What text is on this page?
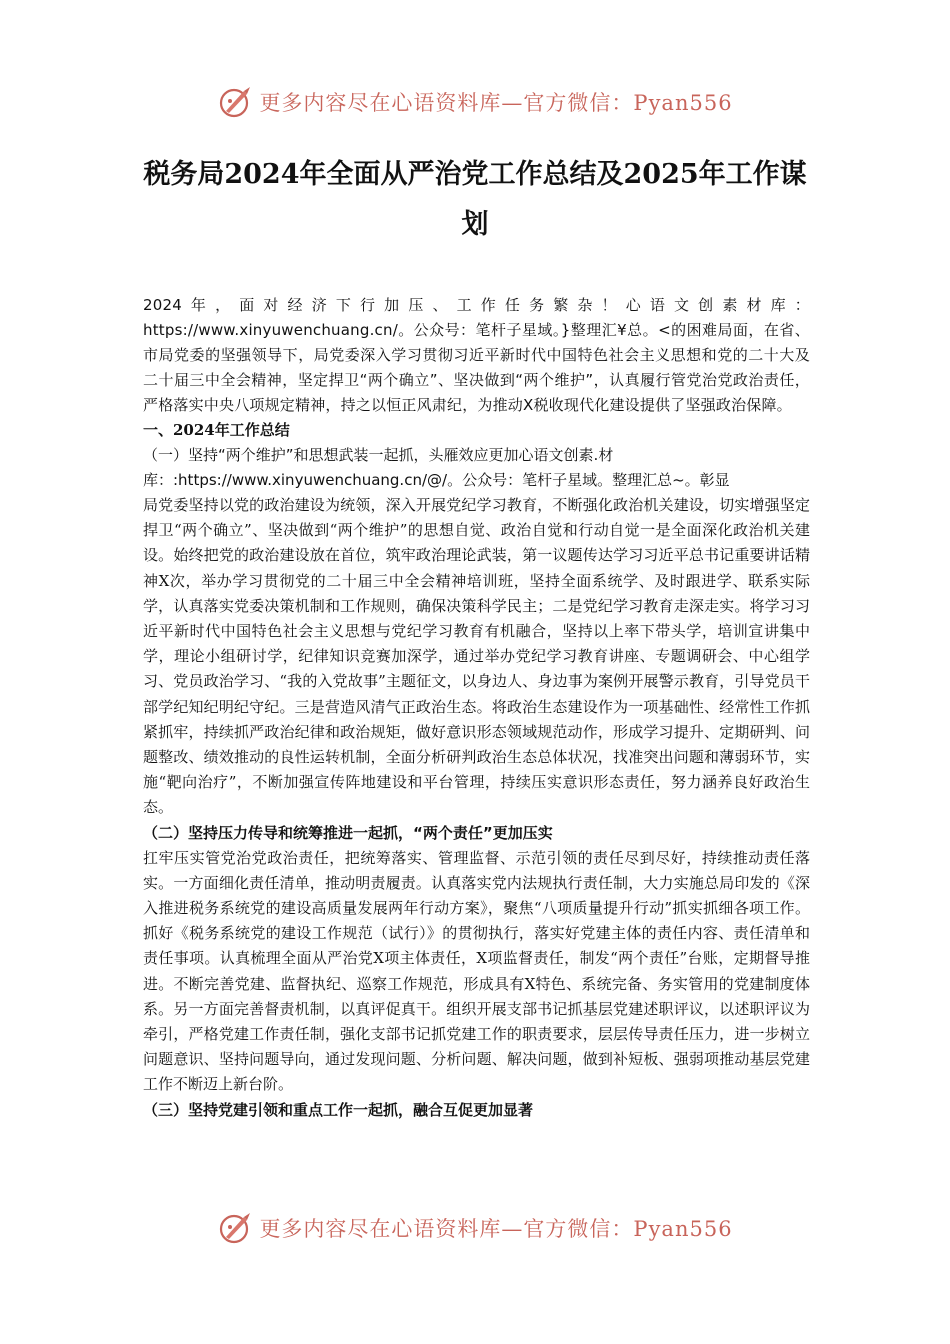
更多内容尽在心语资料库—官方微信：Pyan556
税务局2024年全面从严治党工作总结及2025年工作谋划

2024年，面对经济下行加压、工作任务繁杂！心语文创素材库：https://www.xinyuwenchuang.cn/。公众号：笔杆子星域。}整理汇¥总。<的困难局面，在省、市局党委的坚强领导下，局党委深入学习贯彻习近平新时代中国特色社会主义思想和党的二十大及二十届三中全会精神，坚定捍卫“两个确立”、坚决做到“两个维护”，认真履行管党治党政治责任，严格落实中央八项规定精神，持之以恒正风肃纪，为推动X税收现代化建设提供了坚强政治保障。

一、2024年工作总结

（一）坚持“两个维护”和思想武装一起抓，头雁效应更加心语文创素.材库：:https://www.xinyuwenchuang.cn/@/。公众号：笔杆子星域。整理汇总~。彰显

局党委坚持以党的政治建设为统领，深入开展党纪学习教育，不断强化政治机关建设，切实增强坚定捍卫“两个确立”、坚决做到“两个维护”的思想自觉、政治自觉和行动自觉一是全面深化政治机关建设。始终把党的政治建设放在首位，筑牢政治理论武装，第一议题传达学习习近平总书记重要讲话精神X次，举办学习贯彻党的二十届三中全会精神培训班，坚持全面系统学、及时跟进学、联系实际学，认真落实党委决策机制和工作规则，确保决策科学民主；二是党纪学习教育走深走实。将学习习近平新时代中国特色社会主义思想与党纪学习教育有机融合，坚持以上率下带头学，培训宣讲集中学，理论小组研讨学，纪律知识竞赛加深学，通过举办党纪学习教育讲座、专题调研会、中心组学习、党员政治学习、“我的入党故事”主题征文，以身边人、身边事为案例开展警示教育，引导党员干部学纪知纪明纪守纪。三是营造风清气正政治生态。将政治生态建设作为一项基础性、经常性工作抓紧抓牢，持续抓严政治纪律和政治规矩，做好意识形态领域规范动作，形成学习提升、定期研判、问题整改、绩效推动的良性运转机制，全面分析研判政治生态总体状况，找准突出问题和薄弱环节，实施“靶向治疗”，不断加强宣传阵地建设和平台管理，持续压实意识形态责任，努力涵养良好政治生态。

（二）坚持压力传导和统筹推进一起抓，“两个责任”更加压实

扛牢压实管党治党政治责任，把统筹落实、管理监督、示范引领的责任尽到尽好，持续推动责任落实。一方面细化责任清单，推动明责履责。认真落实党内法规执行责任制，大力实施总局印发的《深入推进税务系统党的建设高质量发展两年行动方案》，聚焦“八项质量提升行动”抓实抓细各项工作。抓好《税务系统党的建设工作规范（试行）》的贯彻执行，落实好党建主体的责任内容、责任清单和责任事项。认真梳理全面从严治党X项主体责任，X项监督责任，制发“两个责任”台账，定期督导推进。不断完善党建、监督执纪、巡察工作规范，形成具有X特色、系统完备、务实管用的党建制度体系。另一方面完善督责机制，以真评促真干。组织开展支部书记抓基层党建述职评议，以述职评议为牵引，严格党建工作责任制，强化支部书记抓党建工作的职责要求，层层传导责任压力，进一步树立问题意识、坚持问题导向，通过发现问题、分析问题、解决问题，做到补短板、强弱项推动基层党建工作不断迈上新台阶。

（三）坚持党建引领和重点工作一起抓，融合互促更加显著

更多内容尽在心语资料库—官方微信：Pyan556
